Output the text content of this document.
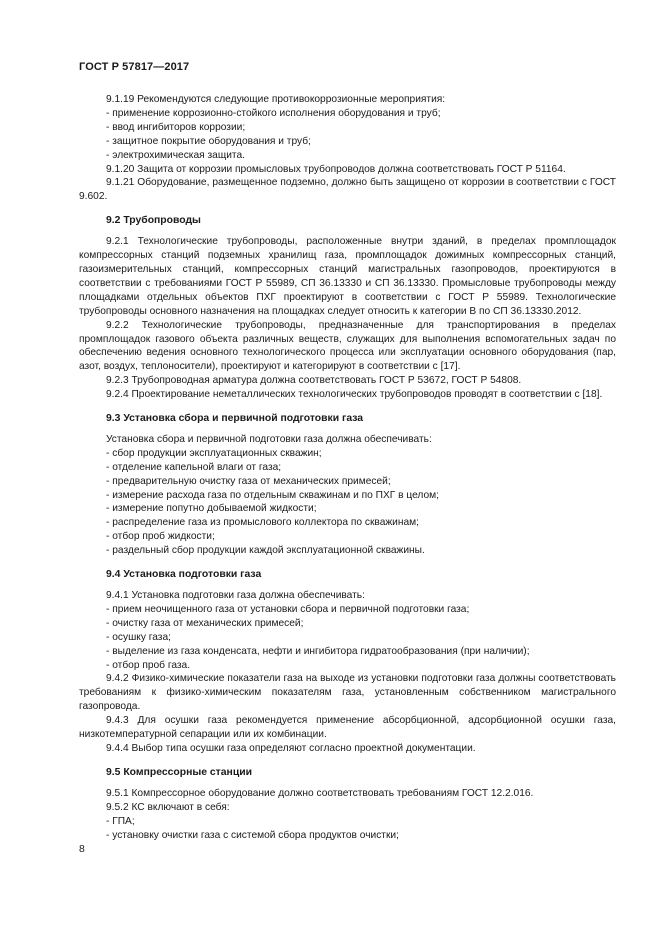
ГОСТ Р 57817—2017
9.1.19 Рекомендуются следующие противокоррозионные мероприятия:
- применение коррозионно-стойкого исполнения оборудования и труб;
- ввод ингибиторов коррозии;
- защитное покрытие оборудования и труб;
- электрохимическая защита.
9.1.20 Защита от коррозии промысловых трубопроводов должна соответствовать ГОСТ Р 51164.
9.1.21 Оборудование, размещенное подземно, должно быть защищено от коррозии в соответствии с ГОСТ 9.602.
9.2 Трубопроводы
9.2.1 Технологические трубопроводы, расположенные внутри зданий, в пределах промплощадок компрессорных станций подземных хранилищ газа, промплощадок дожимных компрессорных станций, газоизмерительных станций, компрессорных станций магистральных газопроводов, проектируются в соответствии с требованиями ГОСТ Р 55989, СП 36.13330 и СП 36.13330. Промысловые трубопроводы между площадками отдельных объектов ПХГ проектируют в соответствии с ГОСТ Р 55989. Технологические трубопроводы основного назначения на площадках следует относить к категории В по СП 36.13330.2012.
9.2.2 Технологические трубопроводы, предназначенные для транспортирования в пределах промплощадок газового объекта различных веществ, служащих для выполнения вспомогательных задач по обеспечению ведения основного технологического процесса или эксплуатации основного оборудования (пар, азот, воздух, теплоносители), проектируют и категорируют в соответствии с [17].
9.2.3 Трубопроводная арматура должна соответствовать ГОСТ Р 53672, ГОСТ Р 54808.
9.2.4 Проектирование неметаллических технологических трубопроводов проводят в соответствии с [18].
9.3 Установка сбора и первичной подготовки газа
Установка сбора и первичной подготовки газа должна обеспечивать:
- сбор продукции эксплуатационных скважин;
- отделение капельной влаги от газа;
- предварительную очистку газа от механических примесей;
- измерение расхода газа по отдельным скважинам и по ПХГ в целом;
- измерение попутно добываемой жидкости;
- распределение газа из промыслового коллектора по скважинам;
- отбор проб жидкости;
- раздельный сбор продукции каждой эксплуатационной скважины.
9.4 Установка подготовки газа
9.4.1 Установка подготовки газа должна обеспечивать:
- прием неочищенного газа от установки сбора и первичной подготовки газа;
- очистку газа от механических примесей;
- осушку газа;
- выделение из газа конденсата, нефти и ингибитора гидратообразования (при наличии);
- отбор проб газа.
9.4.2 Физико-химические показатели газа на выходе из установки подготовки газа должны соответствовать требованиям к физико-химическим показателям газа, установленным собственником магистрального газопровода.
9.4.3 Для осушки газа рекомендуется применение абсорбционной, адсорбционной осушки газа, низкотемпературной сепарации или их комбинации.
9.4.4 Выбор типа осушки газа определяют согласно проектной документации.
9.5 Компрессорные станции
9.5.1 Компрессорное оборудование должно соответствовать требованиям ГОСТ 12.2.016.
9.5.2 КС включают в себя:
- ГПА;
- установку очистки газа с системой сбора продуктов очистки;
8
